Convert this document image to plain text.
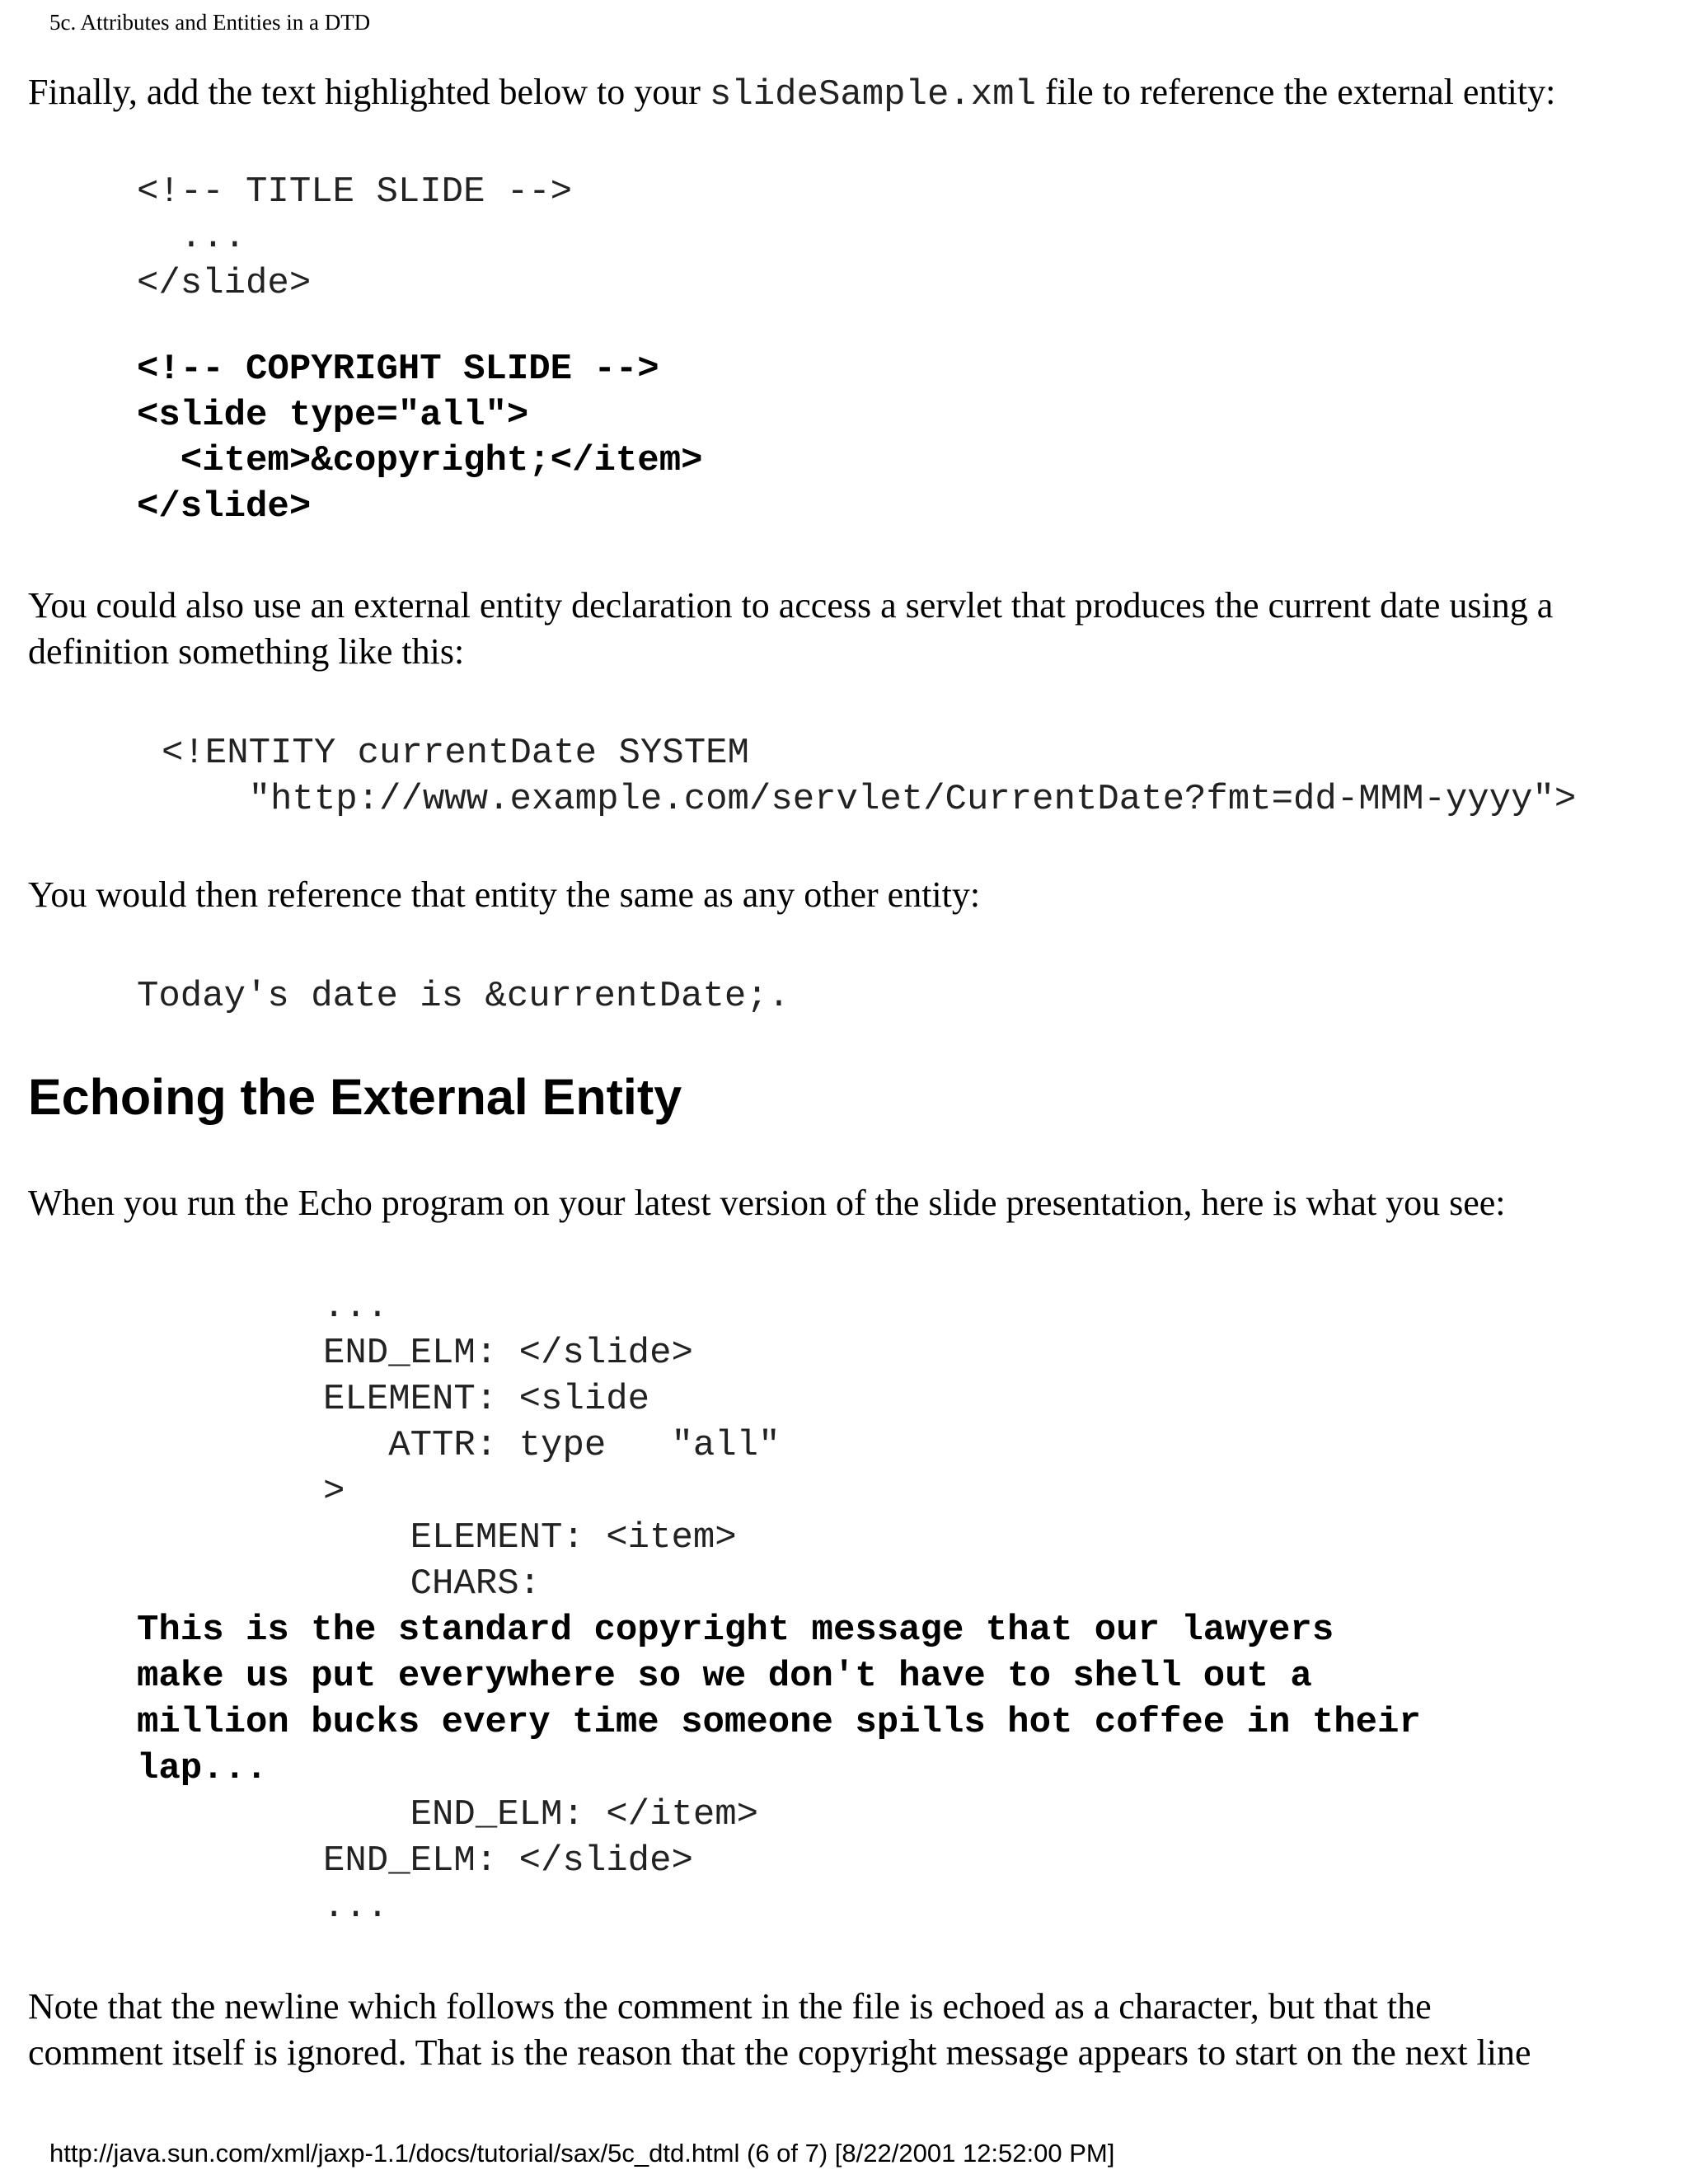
5c. Attributes and Entities in a DTD
Finally, add the text highlighted below to your slideSample.xml file to reference the external entity:
<!-- TITLE SLIDE -->
...
</slide>
<!-- COPYRIGHT SLIDE -->
<slide type="all">
<item>&copyright;</item>
</slide>
You could also use an external entity declaration to access a servlet that produces the current date using a
definition something like this:
<!ENTITY currentDate SYSTEM
"http://www.example.com/servlet/CurrentDate?fmt=dd-MMM-yyyy">
You would then reference that entity the same as any other entity:
Today's date is &currentDate;.
Echoing the External Entity
When you run the Echo program on your latest version of the slide presentation, here is what you see:
...
END_ELM: </slide>
ELEMENT: <slide
ATTR: type   "all"
>
ELEMENT: <item>
CHARS:
This is the standard copyright message that our lawyers
make us put everywhere so we don't have to shell out a
million bucks every time someone spills hot coffee in their
lap...
END_ELM: </item>
END_ELM: </slide>
...
Note that the newline which follows the comment in the file is echoed as a character, but that the
comment itself is ignored. That is the reason that the copyright message appears to start on the next line
http://java.sun.com/xml/jaxp-1.1/docs/tutorial/sax/5c_dtd.html (6 of 7) [8/22/2001 12:52:00 PM]
